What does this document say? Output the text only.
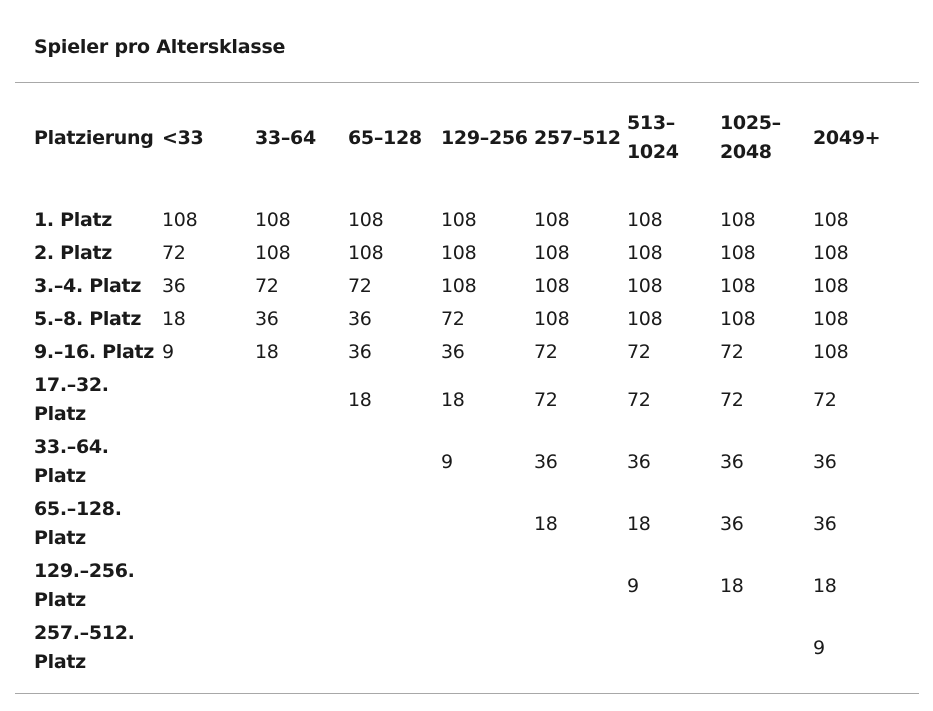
Spieler pro Altersklasse
Platzierung	<33	33–64	65–128	129–256	257–512	513–1024	1025–2048	2049+
1. Platz	108	108	108	108	108	108	108	108
2. Platz	72	108	108	108	108	108	108	108
3.–4. Platz	36	72	72	108	108	108	108	108
5.–8. Platz	18	36	36	72	108	108	108	108
9.–16. Platz	9	18	36	36	72	72	72	108
17.–32. Platz			18	18	72	72	72	72
33.–64. Platz				9	36	36	36	36
65.–128. Platz					18	18	36	36
129.–256. Platz						9	18	18
257.–512. Platz								9
